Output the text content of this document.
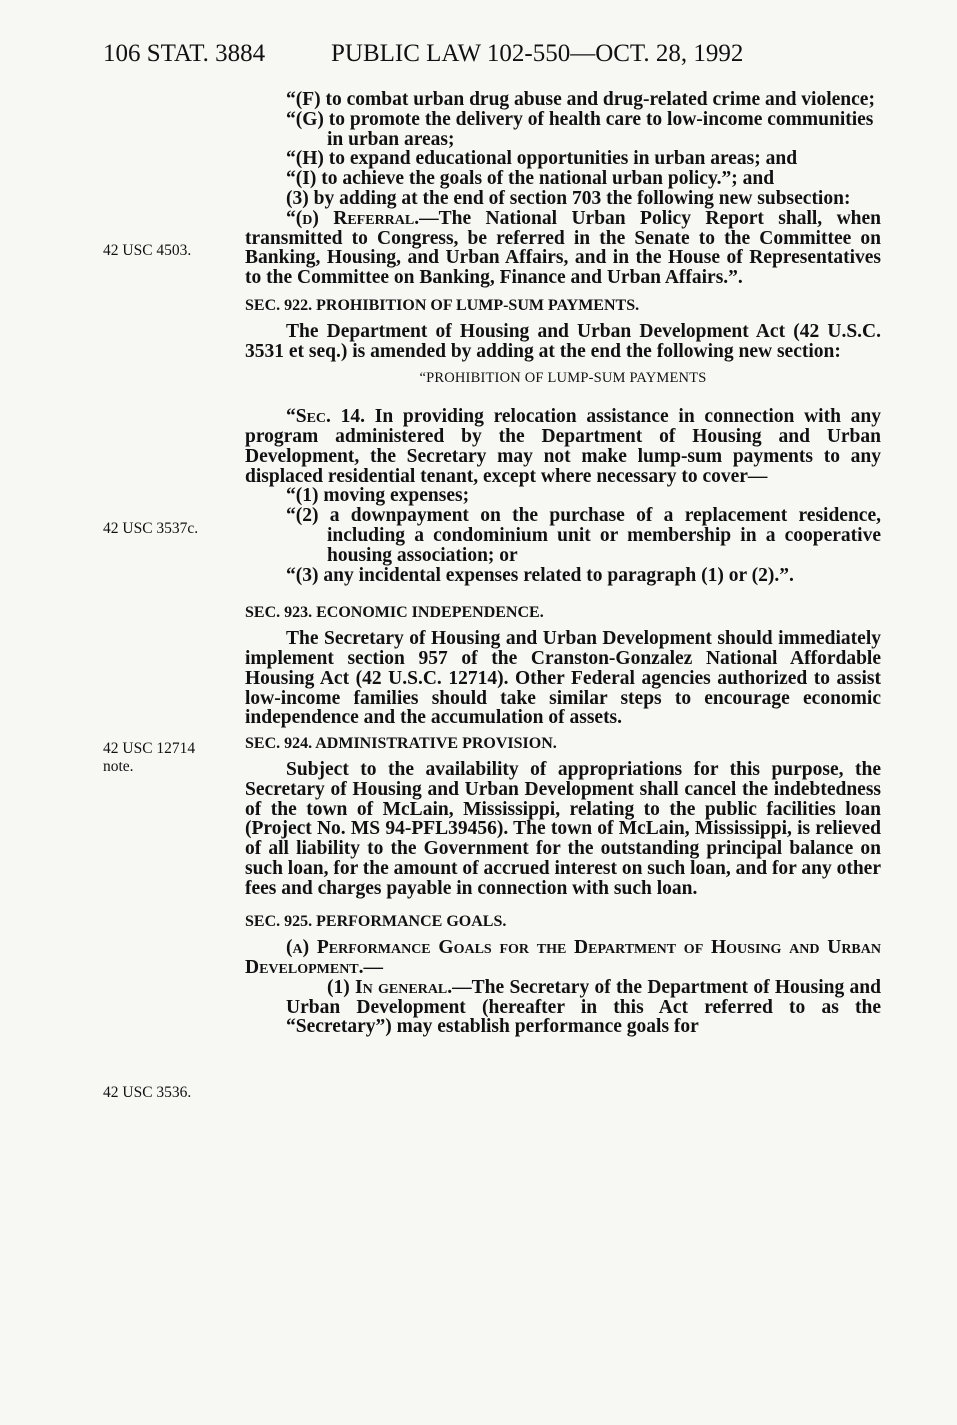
106 STAT. 3884	PUBLIC LAW 102-550—OCT. 28, 1992
42 USC 4503.
42 USC 3537c.
42 USC 12714 note.
42 USC 3536.

“(F) to combat urban drug abuse and drug-related crime and violence;

“(G) to promote the delivery of health care to low-income communities in urban areas;

“(H) to expand educational opportunities in urban areas; and

“(I) to achieve the goals of the national urban policy.”; and

(3) by adding at the end of section 703 the following new subsection:

“(d) Referral.—The National Urban Policy Report shall, when transmitted to Congress, be referred in the Senate to the Committee on Banking, Housing, and Urban Affairs, and in the House of Representatives to the Committee on Banking, Finance and Urban Affairs.”.

SEC. 922. PROHIBITION OF LUMP-SUM PAYMENTS.

The Department of Housing and Urban Development Act (42 U.S.C. 3531 et seq.) is amended by adding at the end the following new section:

“PROHIBITION OF LUMP-SUM PAYMENTS

“Sec. 14. In providing relocation assistance in connection with any program administered by the Department of Housing and Urban Development, the Secretary may not make lump-sum payments to any displaced residential tenant, except where necessary to cover—

“(1) moving expenses;

“(2) a downpayment on the purchase of a replacement residence, including a condominium unit or membership in a cooperative housing association; or

“(3) any incidental expenses related to paragraph (1) or (2).”.

SEC. 923. ECONOMIC INDEPENDENCE.

The Secretary of Housing and Urban Development should immediately implement section 957 of the Cranston-Gonzalez National Affordable Housing Act (42 U.S.C. 12714). Other Federal agencies authorized to assist low-income families should take similar steps to encourage economic independence and the accumulation of assets.

SEC. 924. ADMINISTRATIVE PROVISION.

Subject to the availability of appropriations for this purpose, the Secretary of Housing and Urban Development shall cancel the indebtedness of the town of McLain, Mississippi, relating to the public facilities loan (Project No. MS 94-PFL39456). The town of McLain, Mississippi, is relieved of all liability to the Government for the outstanding principal balance on such loan, for the amount of accrued interest on such loan, and for any other fees and charges payable in connection with such loan.

SEC. 925. PERFORMANCE GOALS.

(a) Performance Goals for the Department of Housing and Urban Development.—

(1) In general.—The Secretary of the Department of Housing and Urban Development (hereafter in this Act referred to as the “Secretary”) may establish performance goals for
